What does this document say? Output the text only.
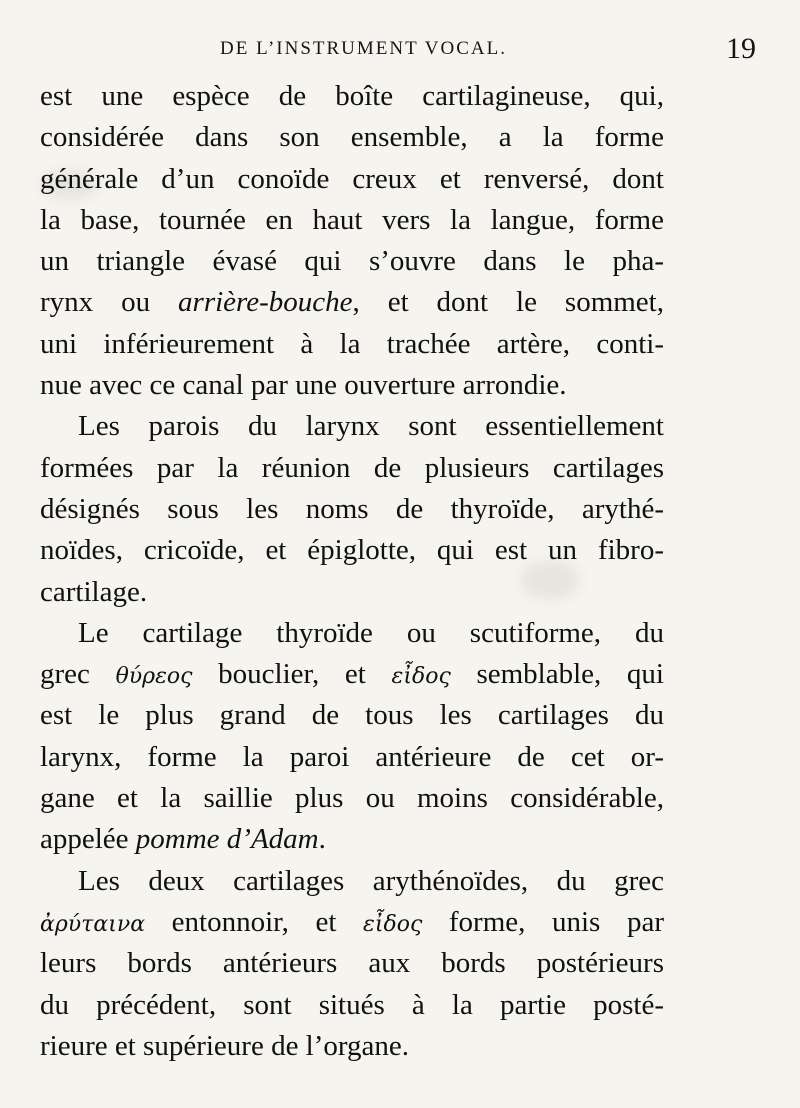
DE L’INSTRUMENT VOCAL.	19
est une espèce de boîte cartilagineuse, qui,
considérée dans son ensemble, a la forme
générale d’un conoïde creux et renversé, dont
la base, tournée en haut vers la langue, forme
un triangle évasé qui s’ouvre dans le pha-
rynx ou arrière-bouche, et dont le sommet,
uni inférieurement à la trachée artère, conti-
nue avec ce canal par une ouverture arrondie.
Les parois du larynx sont essentiellement
formées par la réunion de plusieurs cartilages
désignés sous les noms de thyroïde, arythé-
noïdes, cricoïde, et épiglotte, qui est un fibro-
cartilage.
Le cartilage thyroïde ou scutiforme, du
grec θύρεος bouclier, et εἶδος semblable, qui
est le plus grand de tous les cartilages du
larynx, forme la paroi antérieure de cet or-
gane et la saillie plus ou moins considérable,
appelée pomme d’Adam.
Les deux cartilages arythénoïdes, du grec
ἀρύταινα entonnoir, et εἶδος forme, unis par
leurs bords antérieurs aux bords postérieurs
du précédent, sont situés à la partie posté-
rieure et supérieure de l’organe.
